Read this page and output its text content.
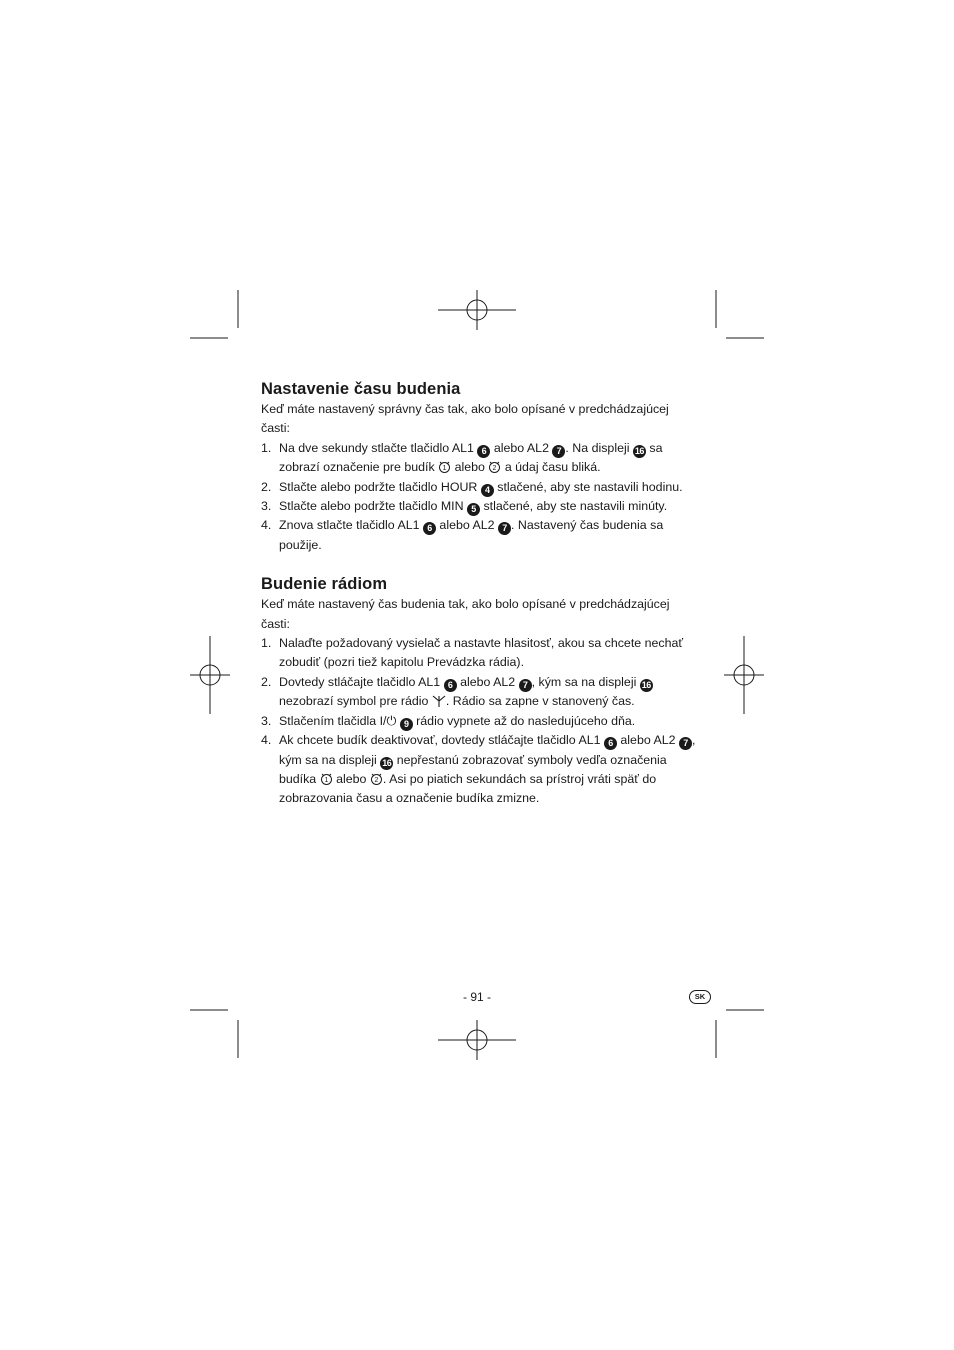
Nastavenie času budenia

Keď máte nastavený správny čas tak, ako bolo opísané v predchádzajúcej časti:

1. Na dve sekundy stlačte tlačidlo AL1 6 alebo AL2 7 . Na displeji 16 sa zobrazí označenie pre budík 1 alebo 2 a údaj času bliká.
2. Stlačte alebo podržte tlačidlo HOUR 4 stlačené, aby ste nastavili hodinu.
3. Stlačte alebo podržte tlačidlo MIN 5 stlačené, aby ste nastavili minúty.
4. Znova stlačte tlačidlo AL1 6 alebo AL2 7 . Nastavený čas budenia sa použije.
Budenie rádiom

Keď máte nastavený čas budenia tak, ako bolo opísané v predchádzajúcej časti:

1. Nalaďte požadovaný vysielač a nastavte hlasitosť, akou sa chcete nechať zobudiť (pozri tiež kapitolu Prevádzka rádia).
2. Dovtedy stláčajte tlačidlo AL1 6 alebo AL2 7 , kým sa na displeji 16 nezobrazí symbol pre rádio . Rádio sa zapne v stanovený čas.
3. Stlačením tlačidla I/⏻ 9 rádio vypnete až do nasledujúceho dňa.
4. Ak chcete budík deaktivovať, dovtedy stláčajte tlačidlo AL1 6 alebo AL2 7 , kým sa na displeji 16 nepřestanú zobrazovať symboly vedľa označenia budíka 1 alebo 2 . Asi po piatich sekundách sa prístroj vráti späť do zobrazovania času a označenie budíka zmizne.
- 91 -	SK
